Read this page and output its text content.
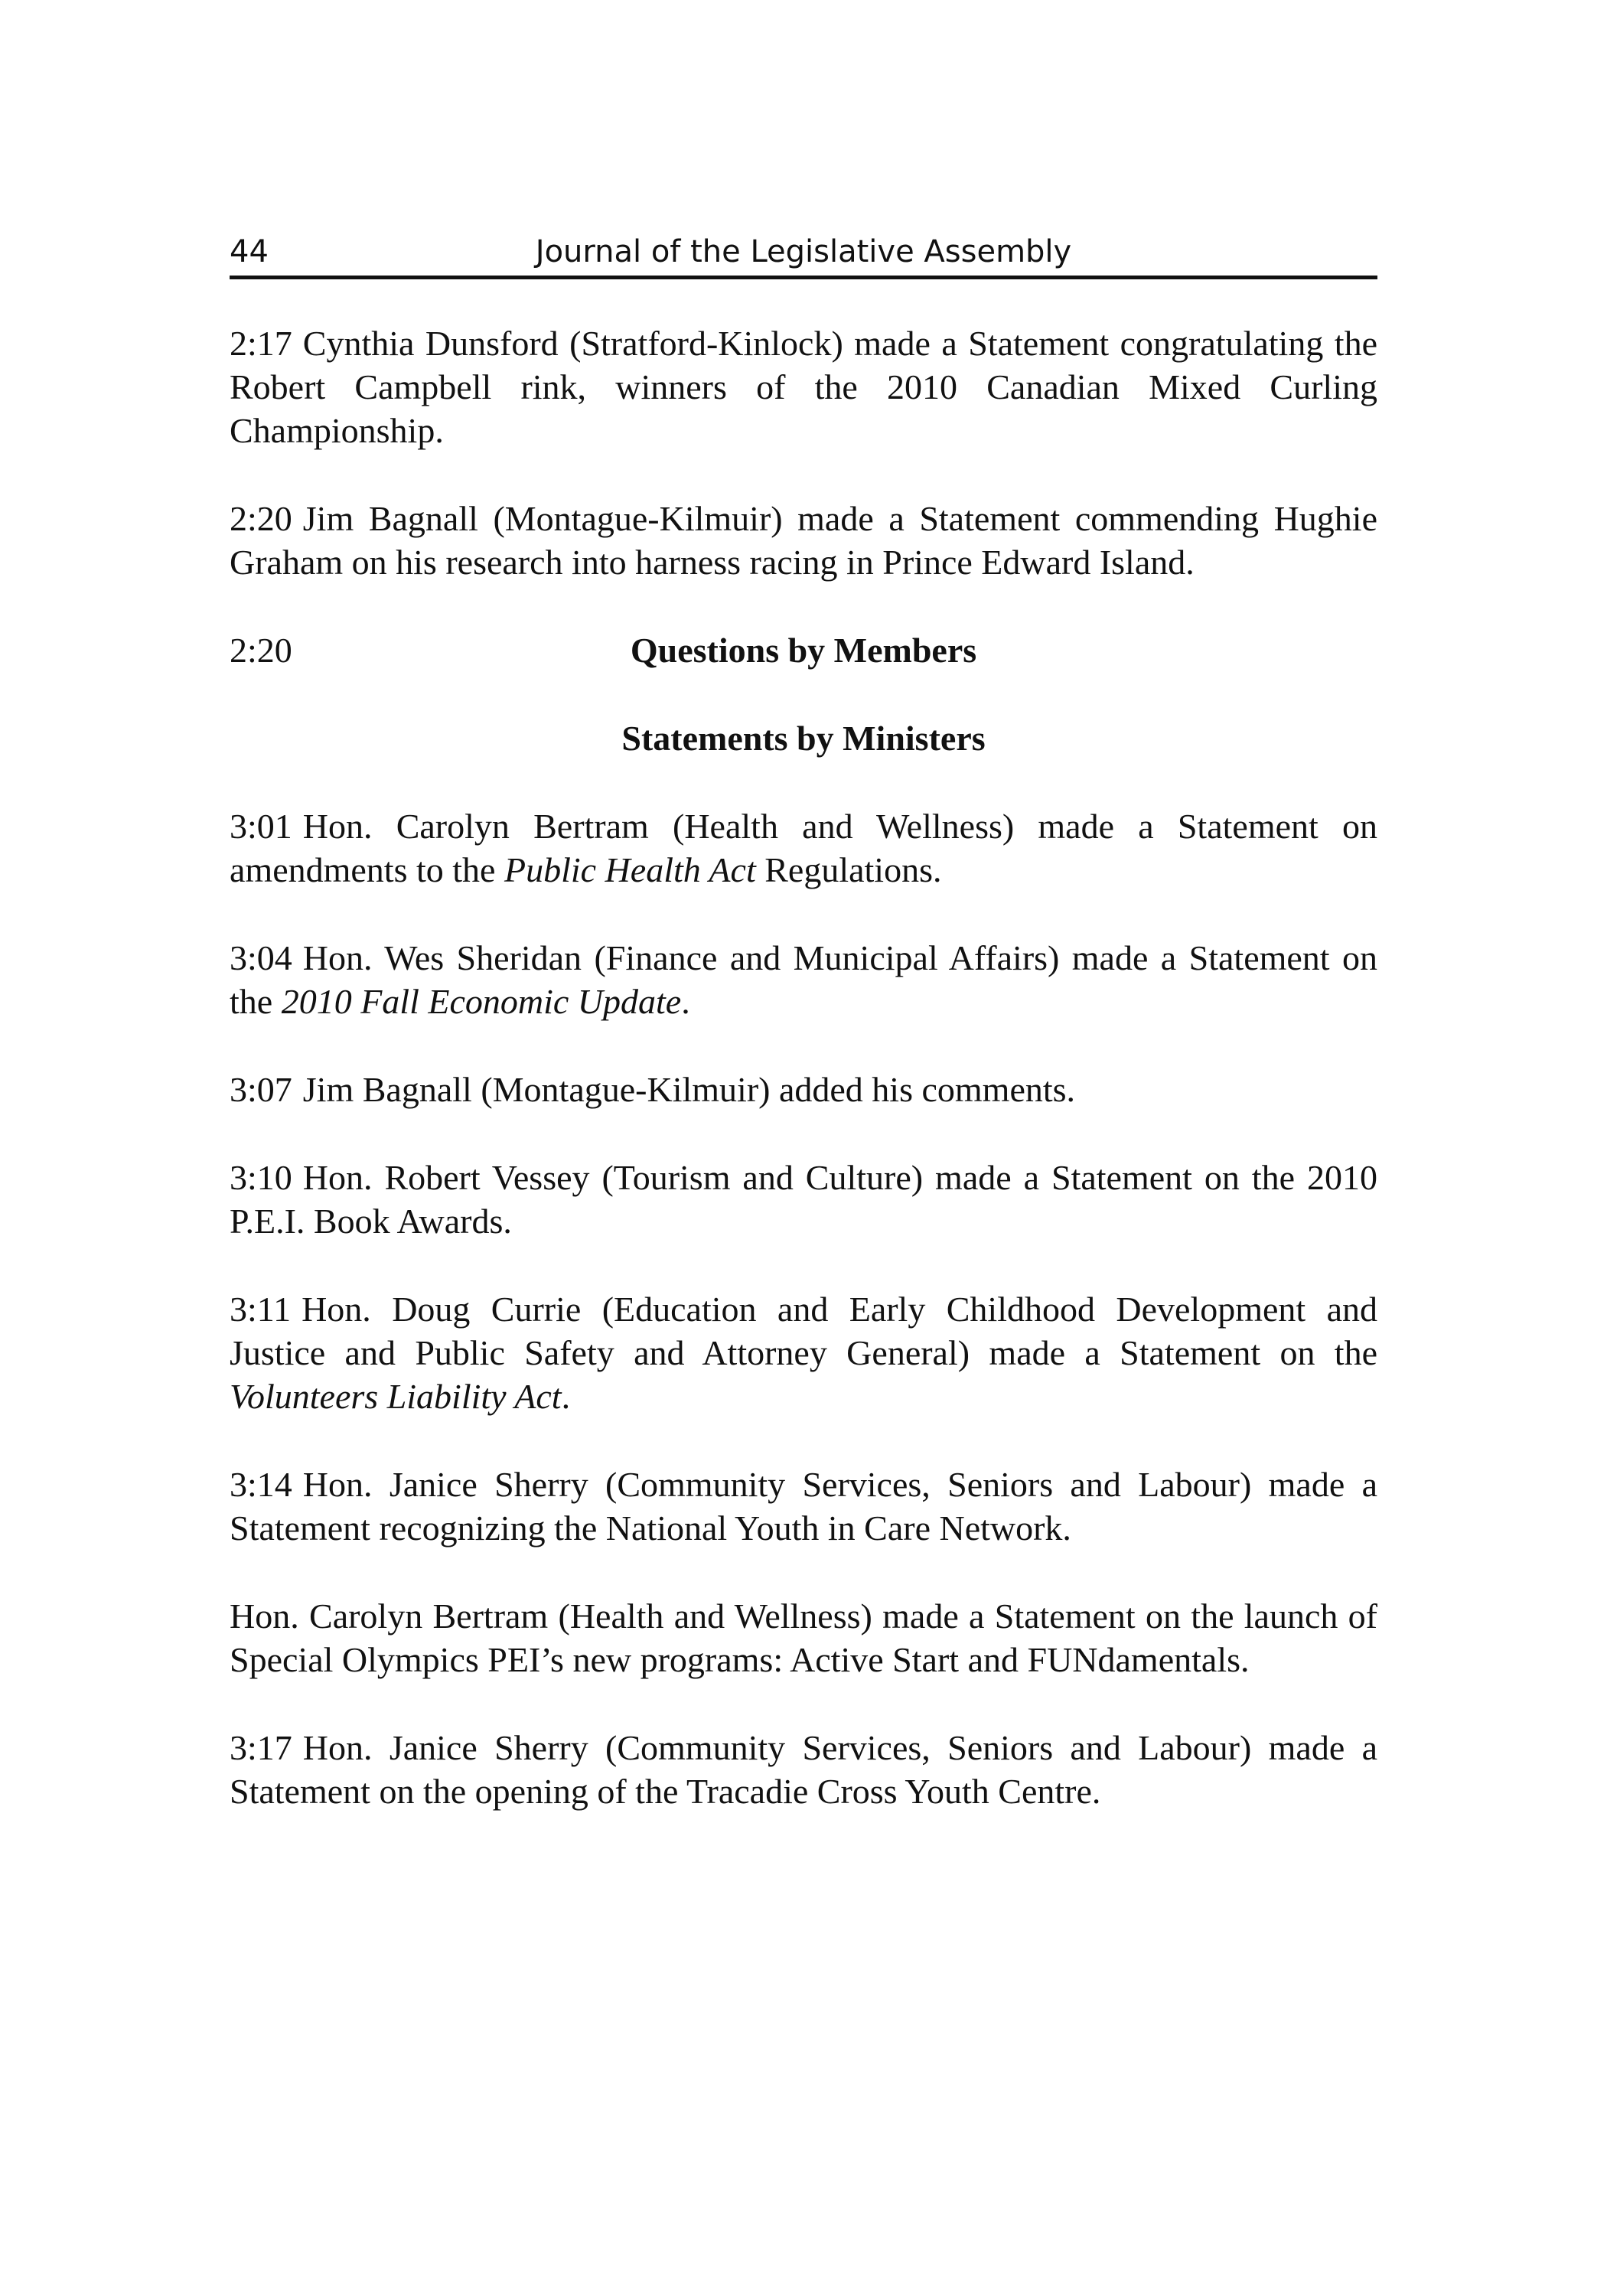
44	Journal of the Legislative Assembly

2:17 Cynthia Dunsford (Stratford-Kinlock) made a Statement congratulating the Robert Campbell rink, winners of the 2010 Canadian Mixed Curling Championship.

2:20 Jim Bagnall (Montague-Kilmuir) made a Statement commending Hughie Graham on his research into harness racing in Prince Edward Island.

2:20	Questions by Members
Statements by Ministers

3:01 Hon. Carolyn Bertram (Health and Wellness) made a Statement on amendments to the Public Health Act Regulations.

3:04 Hon. Wes Sheridan (Finance and Municipal Affairs) made a Statement on the 2010 Fall Economic Update.

3:07 Jim Bagnall (Montague-Kilmuir) added his comments.

3:10 Hon. Robert Vessey (Tourism and Culture) made a Statement on the 2010 P.E.I. Book Awards.

3:11 Hon. Doug Currie (Education and Early Childhood Development and Justice and Public Safety and Attorney General) made a Statement on the Volunteers Liability Act.

3:14 Hon. Janice Sherry (Community Services, Seniors and Labour) made a Statement recognizing the National Youth in Care Network.

Hon. Carolyn Bertram (Health and Wellness) made a Statement on the launch of Special Olympics PEI’s new programs: Active Start and FUNdamentals.

3:17 Hon. Janice Sherry (Community Services, Seniors and Labour) made a Statement on the opening of the Tracadie Cross Youth Centre.
